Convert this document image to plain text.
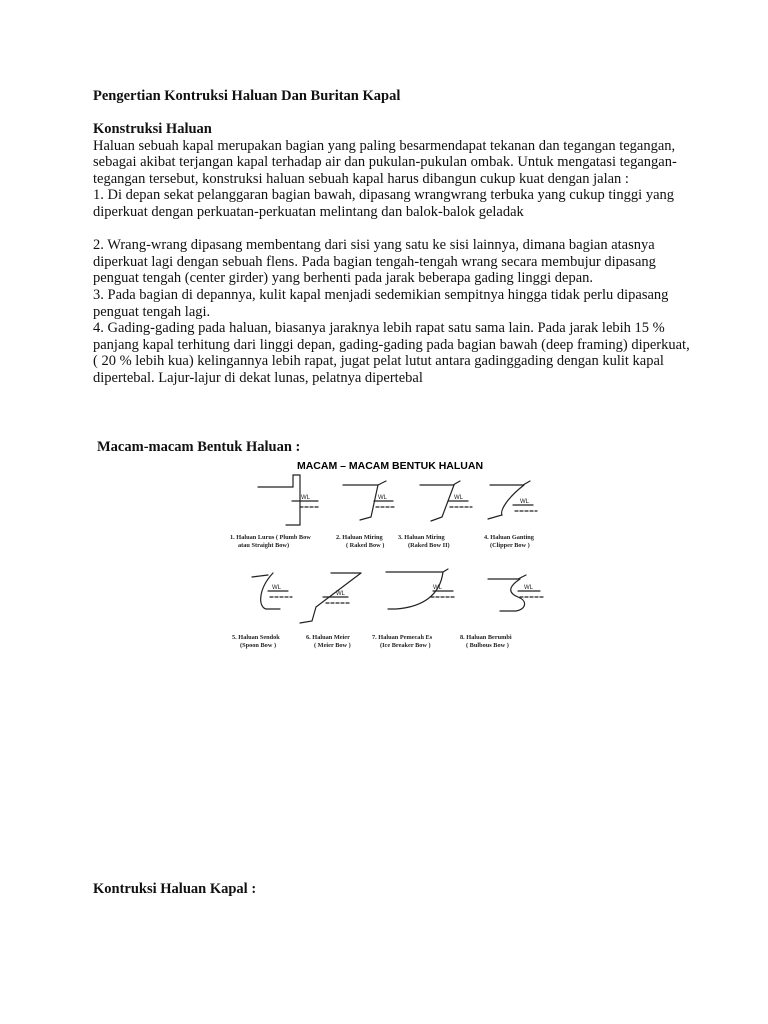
Pengertian Kontruksi Haluan Dan Buritan Kapal
Konstruksi Haluan

Haluan sebuah kapal merupakan bagian yang paling besarmendapat tekanan dan tegangan tegangan, sebagai akibat terjangan kapal terhadap air dan pukulan-pukulan ombak. Untuk mengatasi tegangan-tegangan tersebut, konstruksi haluan sebuah kapal harus dibangun cukup kuat dengan jalan :

1. Di depan sekat pelanggaran bagian bawah, dipasang wrangwrang terbuka yang cukup tinggi yang diperkuat dengan perkuatan-perkuatan melintang dan balok-balok geladak

2. Wrang-wrang dipasang membentang dari sisi yang satu ke sisi lainnya, dimana bagian atasnya diperkuat lagi dengan sebuah flens. Pada bagian tengah-tengah wrang secara membujur dipasang penguat tengah (center girder) yang berhenti pada jarak beberapa gading linggi depan.

3. Pada bagian di depannya, kulit kapal menjadi sedemikian sempitnya hingga tidak perlu dipasang penguat tengah lagi.

4. Gading-gading pada haluan, biasanya jaraknya lebih rapat satu sama lain. Pada jarak lebih 15 % panjang kapal terhitung dari linggi depan, gading-gading pada bagian bawah (deep framing) diperkuat, ( 20 % lebih kua) kelingannya lebih rapat, jugat pelat lutut antara gadinggading dengan kulit kapal dipertebal. Lajur-lajur di dekat lunas, pelatnya dipertebal

Macam-macam Bentuk Haluan :
MACAM – MACAM BENTUK HALUAN
WL	WL	WL
WL
WL
WL
WL	WL
1. Haluan Lurus ( Plumb Bow
atau Straight Bow)
2. Haluan Miring
( Raked Bow )
3. Haluan Miring
(Raked Bow II)
4. Haluan Ganting
(Clipper Bow )
5. Haluan Sendok
(Spoon Bow )
6. Haluan Meier
( Meier Bow )
7. Haluan Pemecah Es
(Ice Breaker Bow )
8. Haluan Berumbi
( Bulbous Bow )
Kontruksi Haluan Kapal :
